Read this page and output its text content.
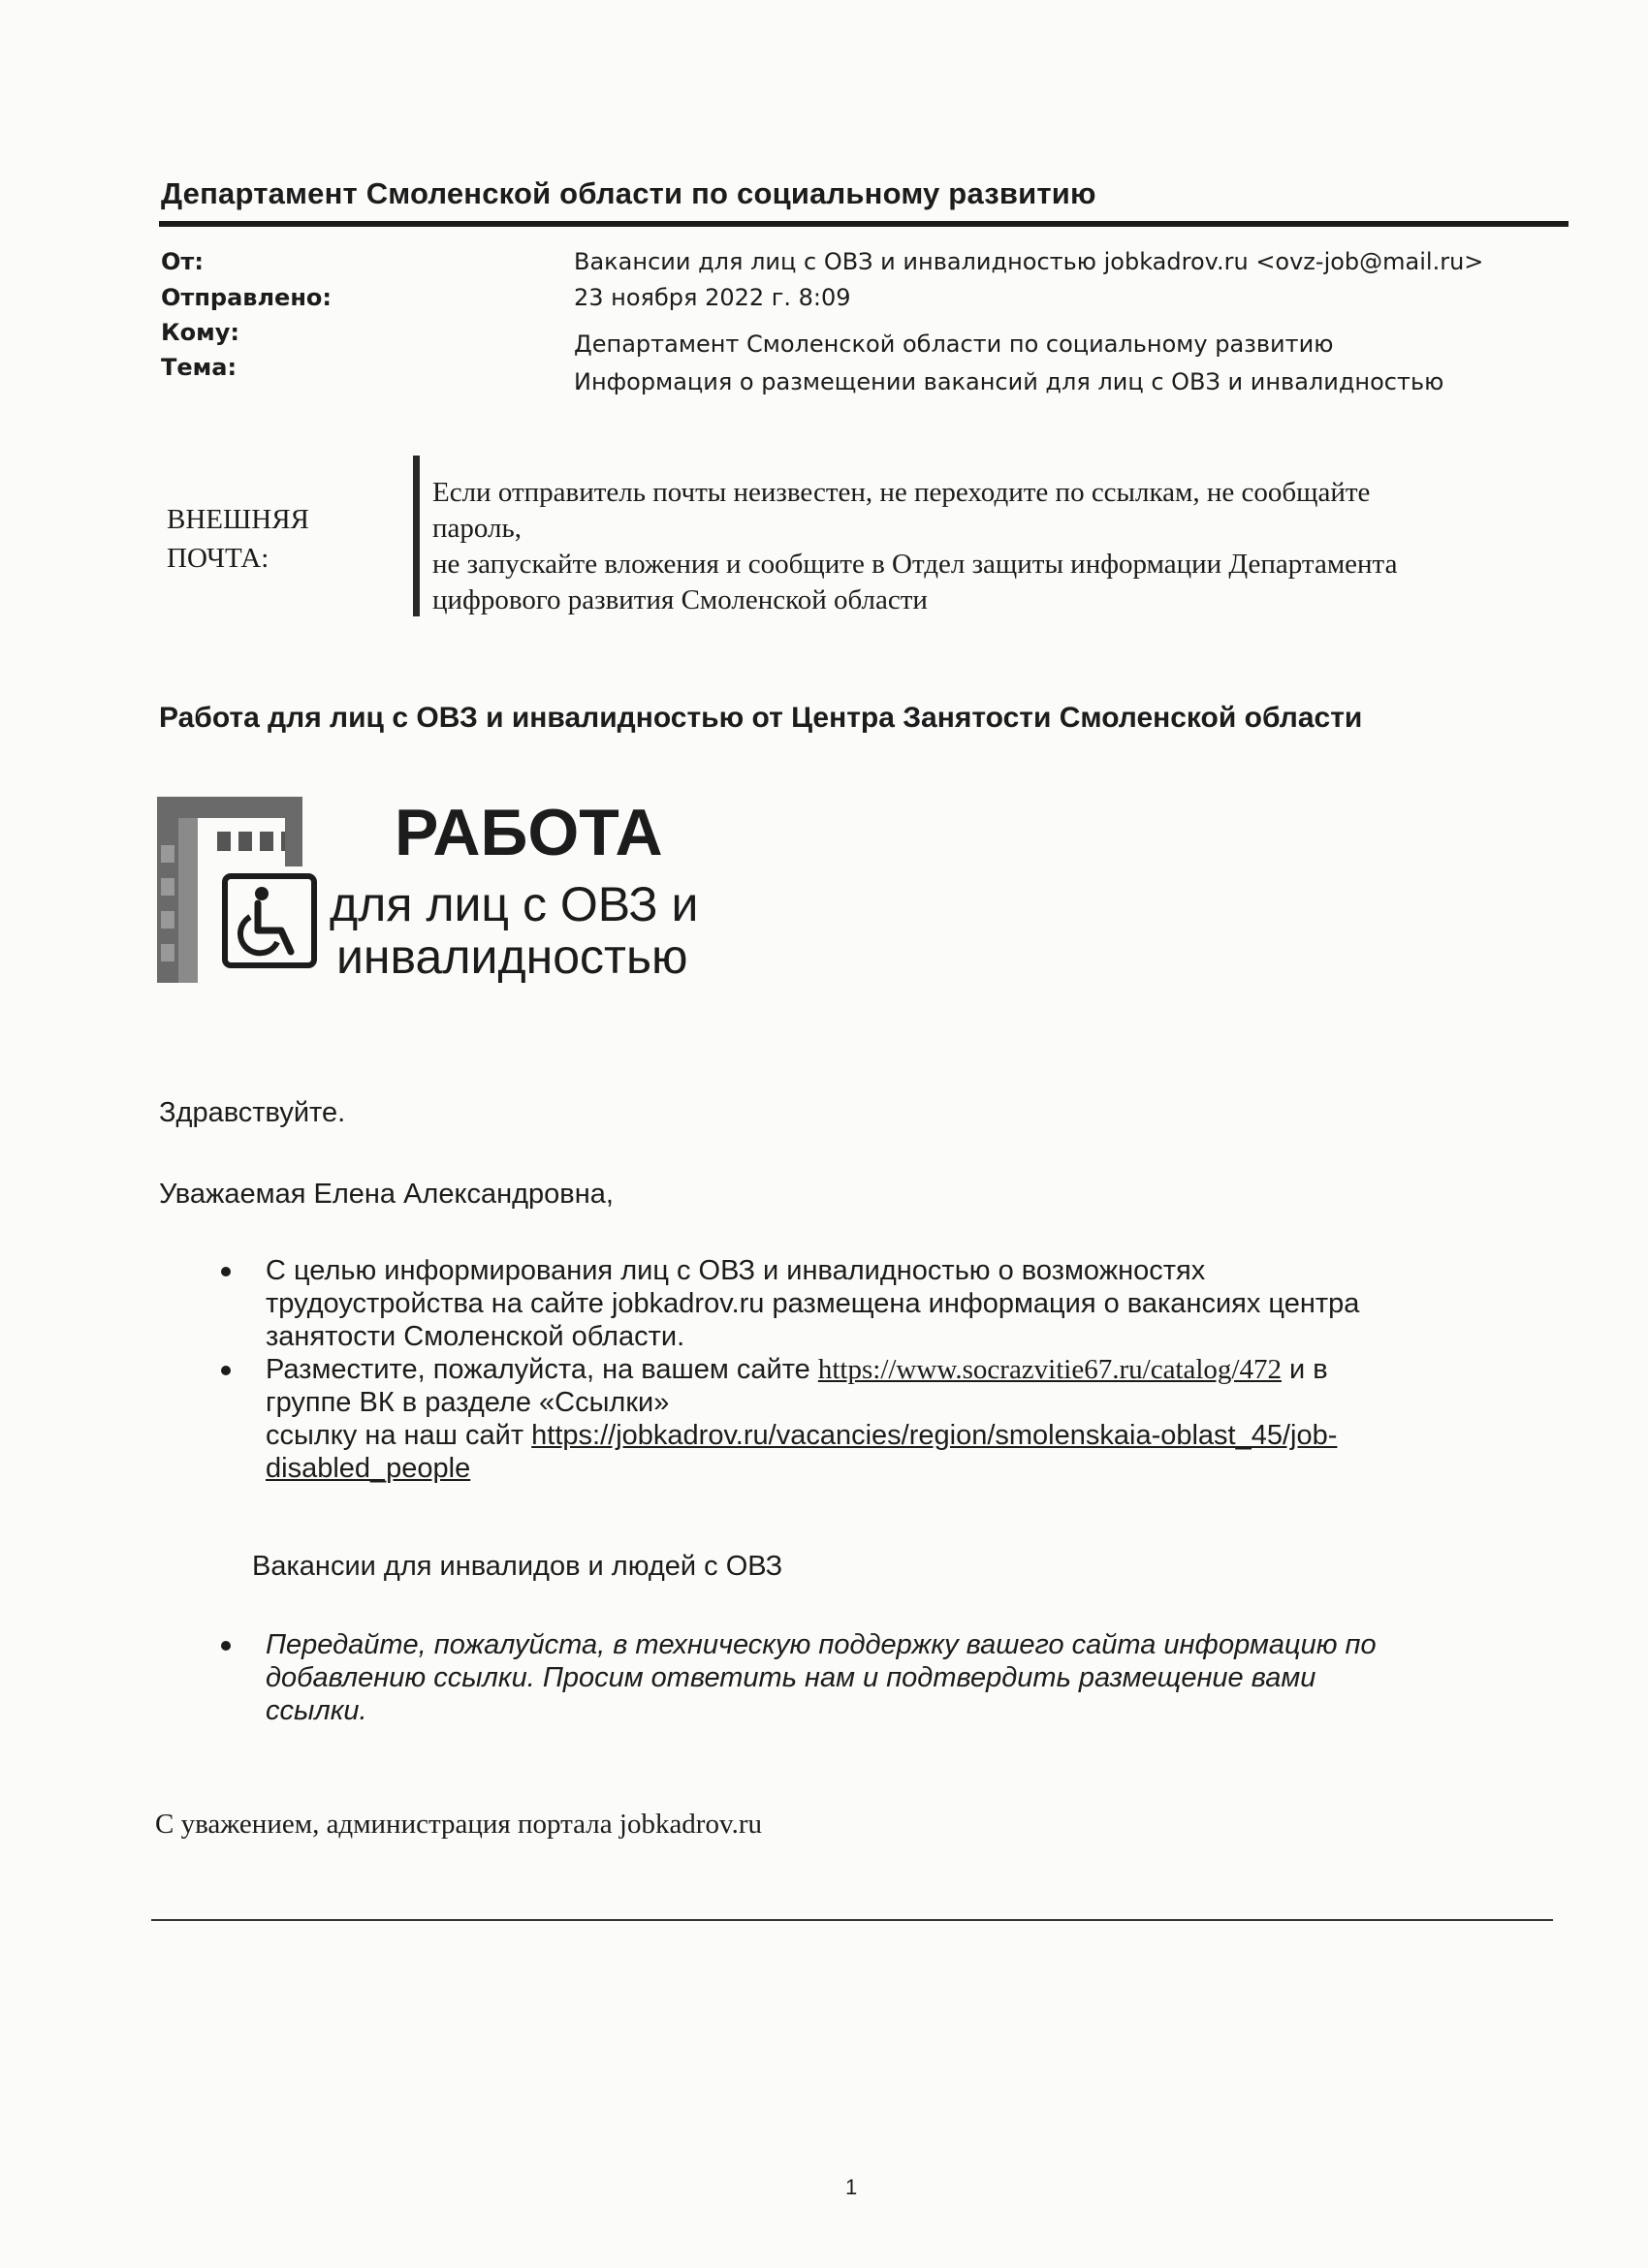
Департамент Смоленской области по социальному развитию
От:	Вакансии для лиц с ОВЗ и инвалидностью jobkadrov.ru <ovz-job@mail.ru>
Отправлено:	23 ноября 2022 г. 8:09
Кому:	Департамент Смоленской области по социальному развитию
Тема:
Информация о размещении вакансий для лиц с ОВЗ и инвалидностью
ВНЕШНЯЯ
ПОЧТА:

Если отправитель почты неизвестен, не переходите по ссылкам, не сообщайте

пароль,

не запускайте вложения и сообщите в Отдел защиты информации Департамента

цифрового развития Смоленской области

Работа для лиц с ОВЗ и инвалидностью от Центра Занятости Смоленской области
РАБОТА
для лиц с ОВЗ и
инвалидностью
Здравствуйте.
Уважаемая Елена Александровна,
С целью информирования лиц с ОВЗ и инвалидностью о возможностях
трудоустройства на сайте jobkadrov.ru размещена информация о вакансиях центра
занятости Смоленской области.
Разместите, пожалуйста, на вашем сайте https://www.socrazvitie67.ru/catalog/472 и в
группе ВК в разделе «Ссылки»
ссылку на наш сайт https://jobkadrov.ru/vacancies/region/smolenskaia-oblast_45/job-
disabled_people
Вакансии для инвалидов и людей с ОВЗ
Передайте, пожалуйста, в техническую поддержку вашего сайта информацию по
добавлению ссылки. Просим ответить нам и подтвердить размещение вами
ссылки.
С уважением, администрация портала jobkadrov.ru
1
